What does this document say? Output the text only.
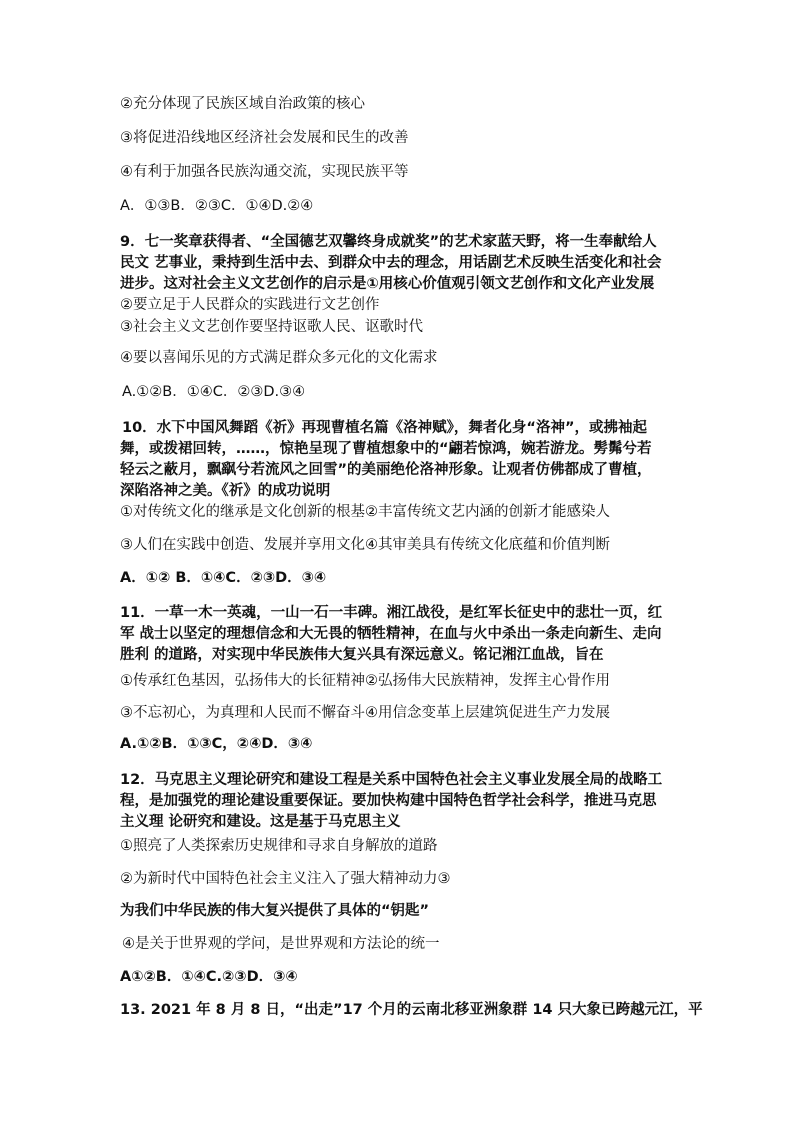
②充分体现了民族区域自治政策的核心
③将促进沿线地区经济社会发展和民生的改善
④有利于加强各民族沟通交流，实现民族平等
A．①③B．②③C．①④D.②④
9．七一奖章获得者、“全国德艺双馨终身成就奖”的艺术家蓝天野，将一生奉献给人
民文 艺事业，秉持到生活中去、到群众中去的理念，用话剧艺术反映生活变化和社会
进步。这对社会主义文艺创作的启示是①用核心价值观引领文艺创作和文化产业发展
②要立足于人民群众的实践进行文艺创作
③社会主义文艺创作要坚持讴歌人民、讴歌时代
④要以喜闻乐见的方式满足群众多元化的文化需求
A.①②B．①④C．②③D.③④
10．水下中国风舞蹈《祈》再现曹植名篇《洛神赋》，舞者化身“洛神”，或拂袖起
舞，或拨裙回转，……，惊艳呈现了曹植想象中的“翩若惊鸿，婉若游龙。髣髴兮若
轻云之蔽月，飘飖兮若流风之回雪”的美丽绝伦洛神形象。让观者仿佛都成了曹植，
深陷洛神之美。《祈》的成功说明
①对传统文化的继承是文化创新的根基②丰富传统文艺内涵的创新才能感染人
③人们在实践中创造、发展并享用文化④其审美具有传统文化底蕴和价值判断
A．①② B．①④C．②③D．③④
11．一草一木一英魂，一山一石一丰碑。湘江战役，是红军长征史中的悲壮一页，红
军 战士以坚定的理想信念和大无畏的牺牲精神，在血与火中杀出一条走向新生、走向
胜利 的道路，对实现中华民族伟大复兴具有深远意义。铭记湘江血战，旨在
①传承红色基因，弘扬伟大的长征精神②弘扬伟大民族精神，发挥主心骨作用
③不忘初心，为真理和人民而不懈奋斗④用信念变革上层建筑促进生产力发展
A.①②B．①③C，②④D．③④
12．马克思主义理论研究和建设工程是关系中国特色社会主义事业发展全局的战略工
程，是加强党的理论建设重要保证。要加快构建中国特色哲学社会科学，推进马克思
主义理 论研究和建设。这是基于马克思主义
①照亮了人类探索历史规律和寻求自身解放的道路
②为新时代中国特色社会主义注入了强大精神动力③
为我们中华民族的伟大复兴提供了具体的“钥匙”
④是关于世界观的学问，是世界观和方法论的统一
A①②B．①④C.②③D．③④
13. 2021 年 8 月 8 日，“出走”17 个月的云南北移亚洲象群 14 只大象已跨越元江，平
